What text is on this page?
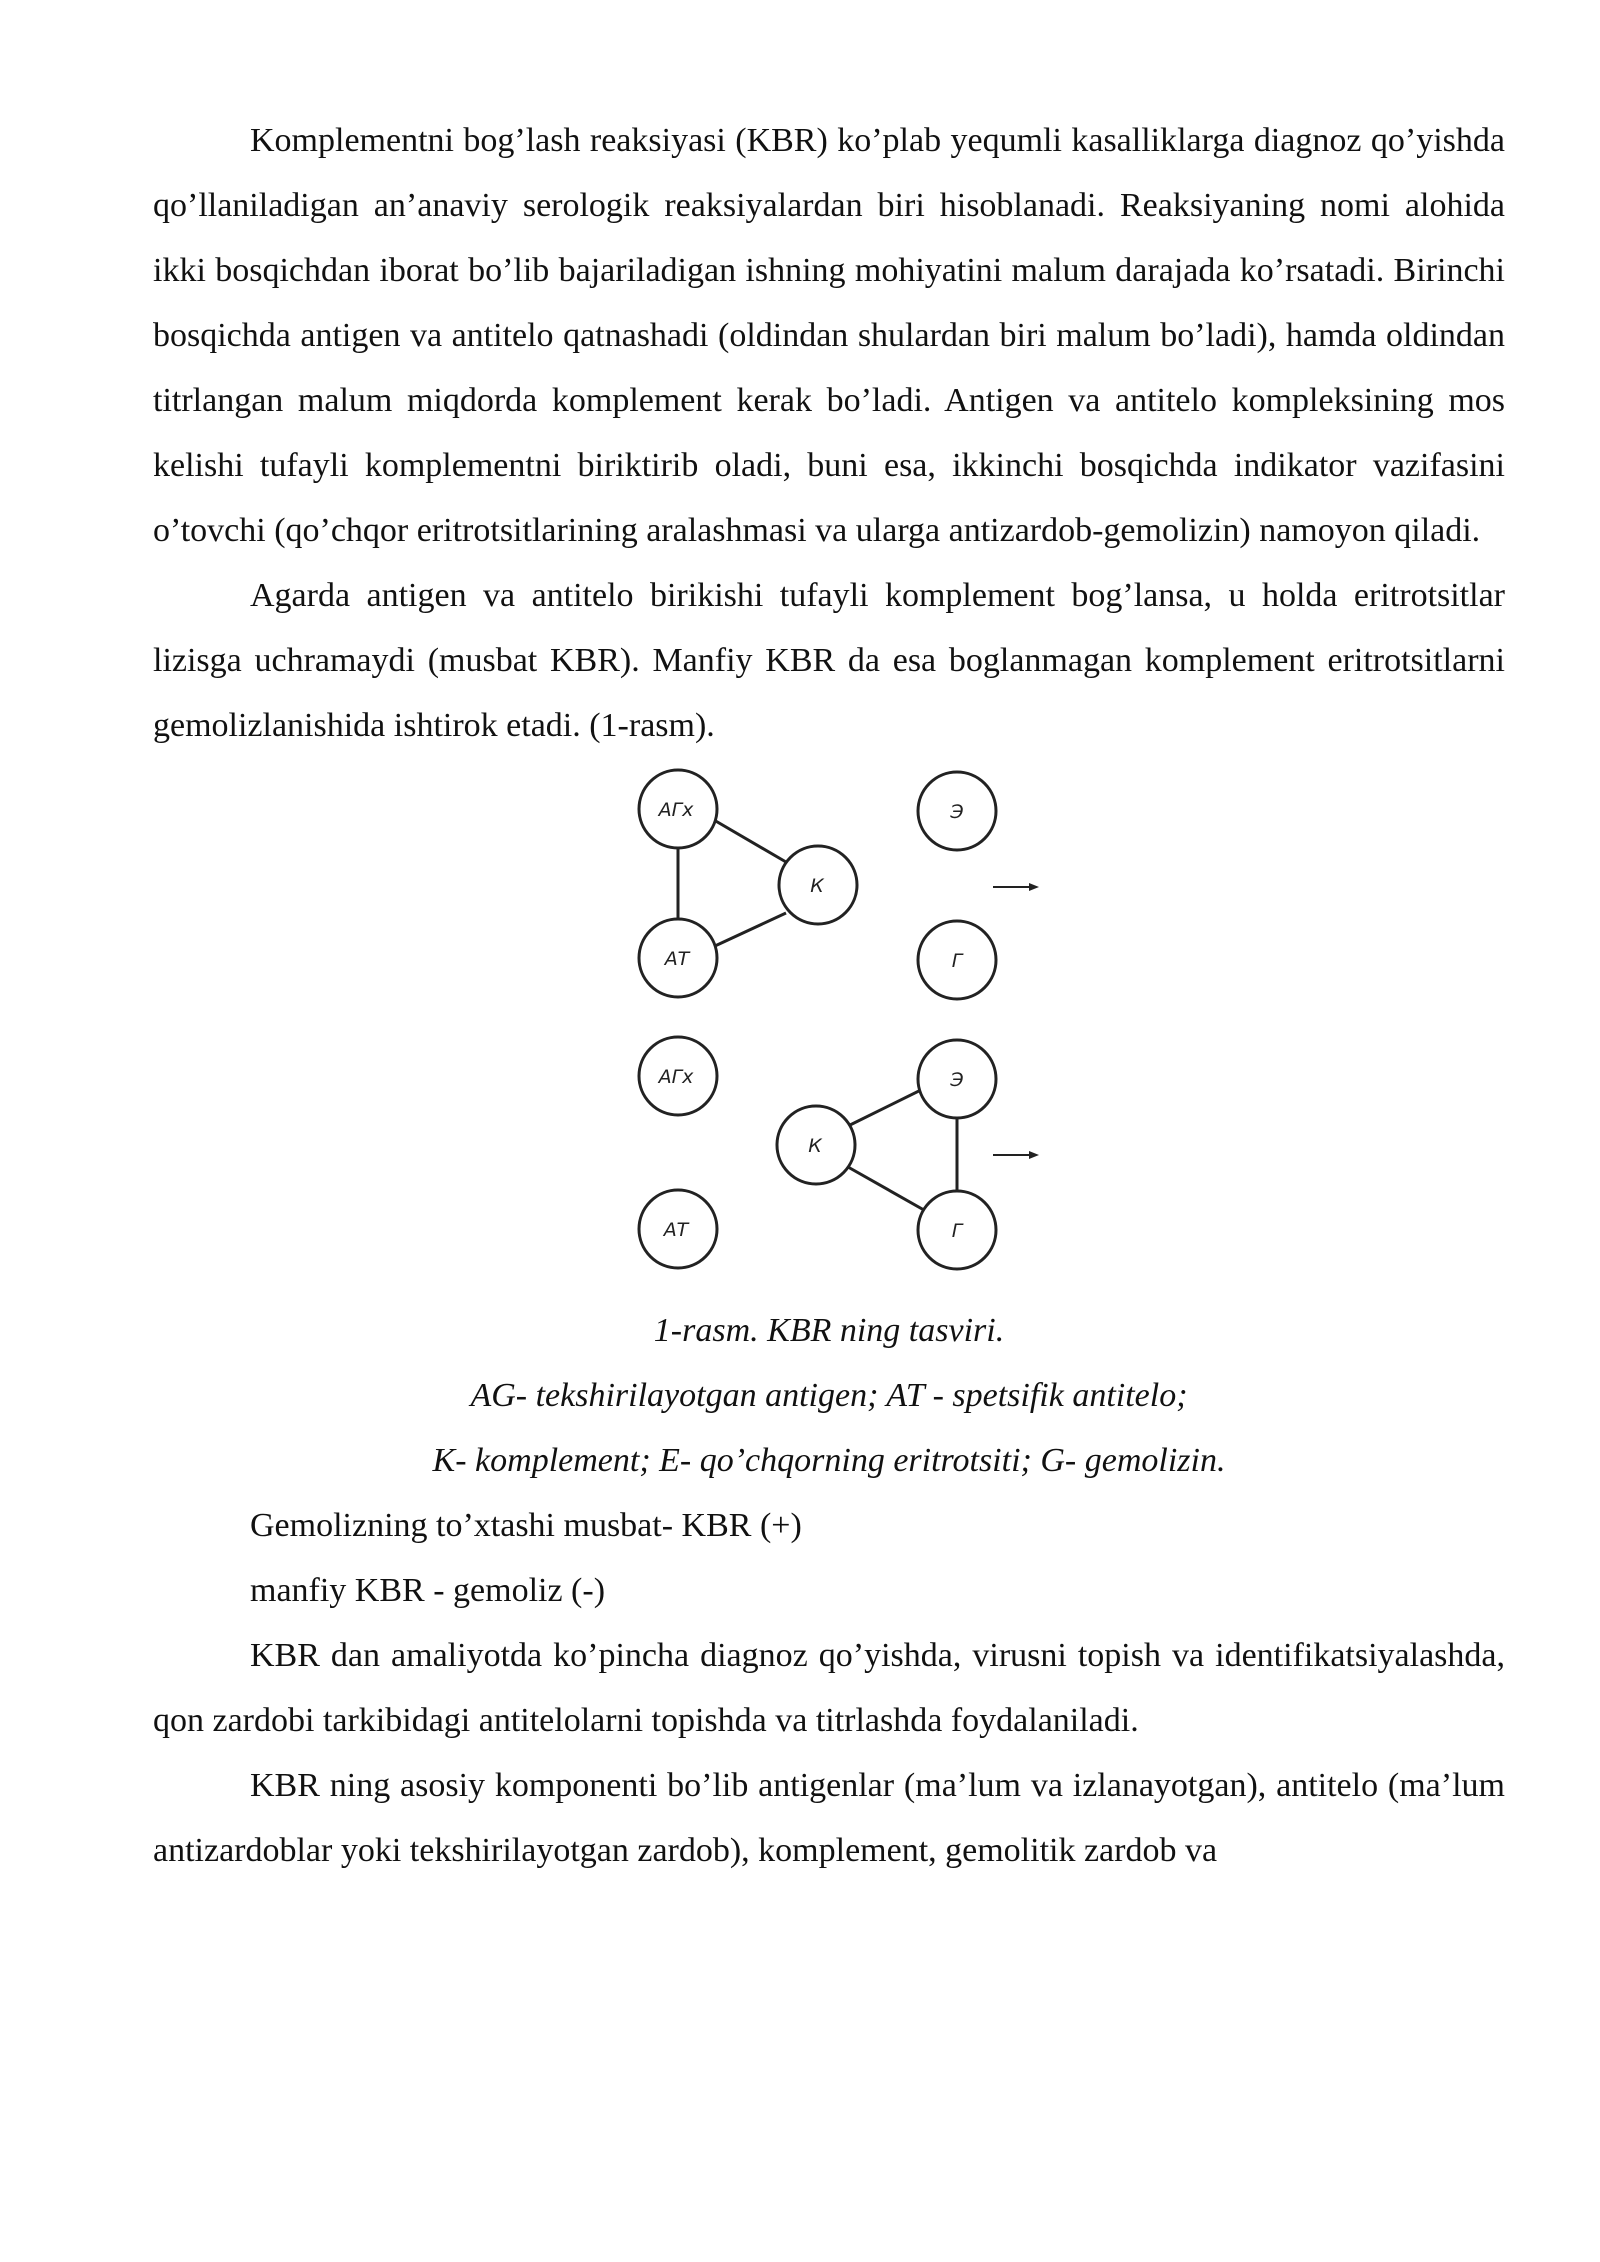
Komplementni bog’lash reaksiyasi (KBR) ko’plab yequmli kasalliklarga diagnoz qo’yishda qo’llaniladigan an’anaviy serologik reaksiyalardan biri hisoblanadi. Reaksiyaning nomi alohida ikki bosqichdan iborat bo’lib bajariladigan ishning mohiyatini malum darajada ko’rsatadi. Birinchi bosqichda antigen va antitelo qatnashadi (oldindan shulardan biri malum bo’ladi), hamda oldindan titrlangan malum miqdorda komplement kerak bo’ladi. Antigen va antitelo kompleksining mos kelishi tufayli komplementni biriktirib oladi, buni esa, ikkinchi bosqichda indikator vazifasini o’tovchi (qo’chqor eritrotsitlarining aralashmasi va ularga antizardob-gemolizin) namoyon qiladi.

Agarda antigen va antitelo birikishi tufayli komplement bog’lansa, u holda eritrotsitlar lizisga uchramaydi (musbat KBR). Manfiy KBR da esa boglanmagan komplement eritrotsitlarni gemolizlanishida ishtirok etadi. (1-rasm).

АГх
К
АТ
Э
Г
АГх	Э
К
АТ	Г

1-rasm. KBR ning tasviri.

AG- tekshirilayotgan antigen; AT - spetsifik antitelo;

K- komplement; E- qo’chqorning eritrotsiti; G- gemolizin.

Gemolizning to’xtashi musbat- KBR (+)

manfiy KBR - gemoliz (-)

KBR dan amaliyotda ko’pincha diagnoz qo’yishda, virusni topish va identifikatsiyalashda, qon zardobi tarkibidagi antitelolarni topishda va titrlashda foydalaniladi.

KBR ning asosiy komponenti bo’lib antigenlar (ma’lum va izlanayotgan), antitelo (ma’lum antizardoblar yoki tekshirilayotgan zardob), komplement, gemolitik zardob va
